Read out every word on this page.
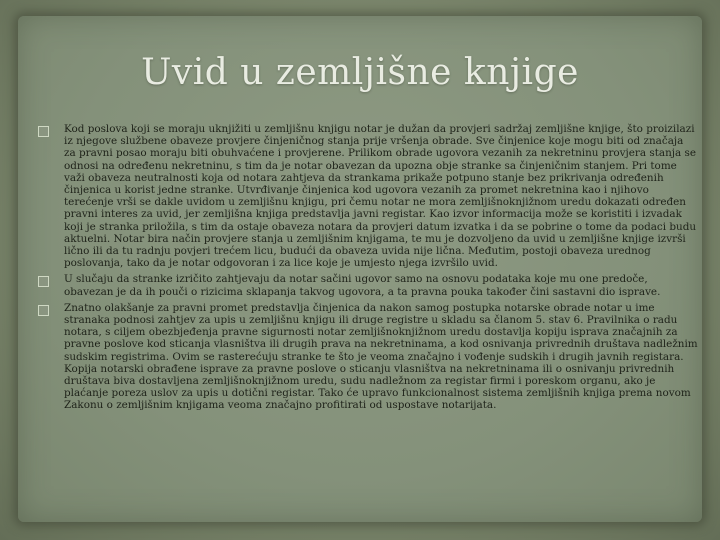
Uvid u zemljišne knjige
Kod poslova koji se moraju uknjižiti u zemljišnu knjigu notar je dužan da provjeri sadržaj zemljišne knjige, što proizilazi iz njegove službene obaveze provjere činjeničnog stanja prije vršenja obrade. Sve činjenice koje mogu biti od značaja za pravni posao moraju biti obuhvaćene i provjerene. Prilikom obrade ugovora vezanih za nekretninu provjera stanja se odnosi na određenu nekretninu, s tim da je notar obavezan da upozna obje stranke sa činjeničnim stanjem. Pri tome važi obaveza neutralnosti koja od notara zahtjeva da strankama prikaže potpuno stanje bez prikrivanja određenih činjenica u korist jedne stranke. Utvrđivanje činjenica kod ugovora vezanih za promet nekretnina kao i njihovo terećenje vrši se dakle uvidom u zemljišnu knjigu, pri čemu notar ne mora zemljišnoknjižnom uredu dokazati određen pravni interes za uvid, jer zemljišna knjiga predstavlja javni registar. Kao izvor informacija može se koristiti i izvadak koji je stranka priložila, s tim da ostaje obaveza notara da provjeri datum izvatka i da se pobrine o tome da podaci budu aktuelni. Notar bira način provjere stanja u zemljišnim knjigama, te mu je dozvoljeno da uvid u zemljišne knjige izvrši lično ili da tu radnju povjeri trećem licu, budući da obaveza uvida nije lična. Međutim, postoji obaveza urednog poslovanja, tako da je notar odgovoran i za lice koje je umjesto njega izvršilo uvid.
U slučaju da stranke izričito zahtjevaju da notar sačini ugovor samo na osnovu podataka koje mu one predoče, obavezan je da ih pouči o rizicima sklapanja takvog ugovora, a ta pravna pouka također čini sastavni dio isprave.
Znatno olakšanje za pravni promet predstavlja činjenica da nakon samog postupka notarske obrade notar u ime stranaka podnosi zahtjev za upis u zemljišnu knjigu ili druge registre u skladu sa članom 5. stav 6. Pravilnika o radu notara, s ciljem obezbjeđenja pravne sigurnosti notar zemljišnoknjižnom uredu dostavlja kopiju isprava značajnih za pravne poslove kod sticanja vlasništva ili drugih prava na nekretninama, a kod osnivanja privrednih društava nadležnim sudskim registrima. Ovim se rasterećuju stranke te što je veoma značajno i vođenje sudskih i drugih javnih registara. Kopija notarski obrađene isprave za pravne poslove o sticanju vlasništva na nekretninama ili o osnivanju privrednih društava biva dostavljena zemljišnoknjižnom uredu, sudu nadležnom za registar firmi i poreskom organu, ako je plaćanje poreza uslov za upis u dotični registar. Tako će upravo funkcionalnost sistema zemljišnih knjiga prema novom Zakonu o zemljišnim knjigama veoma značajno profitirati od uspostave notarijata.
